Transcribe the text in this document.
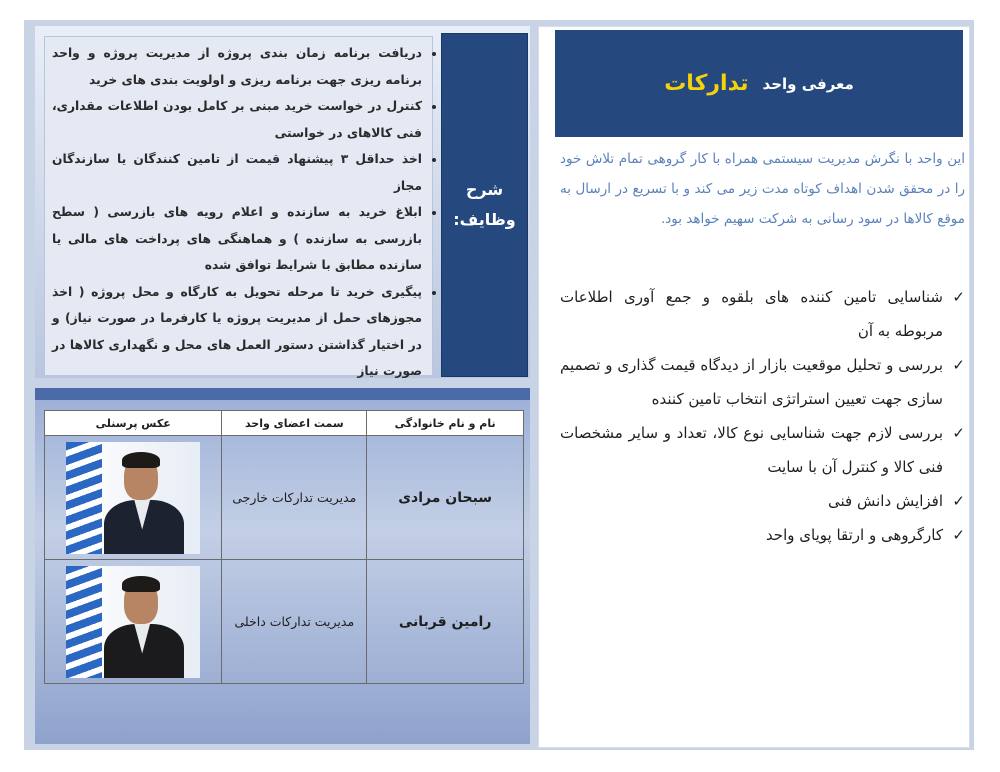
معرفی واحد
تدارکات
این واحد با نگرش مدیریت سیستمی همراه با کار گروهی تمام تلاش خود را در محقق شدن اهداف کوتاه مدت زیر می کند و با تسریع در ارسال به موقع کالاها در سود رسانی به شرکت سهیم خواهد بود.
✓
شناسایی تامین کننده های بلقوه و جمع آوری اطلاعات مربوطه به آن
✓
بررسی و تحلیل موقعیت بازار از دیدگاه قیمت گذاری و تصمیم سازی جهت تعیین استراتژی انتخاب تامین کننده
✓
بررسی لازم جهت شناسایی نوع کالا، تعداد و سایر مشخصات فنی کالا و کنترل آن با سایت
✓
افزایش دانش فنی
✓
کارگروهی و ارتقا پویای واحد
• دریافت برنامه زمان بندی پروژه از مدیریت پروژه و واحد برنامه ریزی جهت برنامه ریزی و اولویت بندی های خرید
• کنترل در خواست خرید مبنی بر کامل بودن اطلاعات مقداری، فنی کالاهای در خواستی
• اخذ حداقل ۳ پیشنهاد قیمت از تامین کنندگان یا سازندگان مجاز
• ابلاغ خرید به سازنده و اعلام رویه های بازرسی ( سطح بازرسی به سازنده ) و هماهنگی های پرداخت های مالی یا سازنده مطابق با شرایط توافق شده
• پیگیری خرید تا مرحله تحویل به کارگاه و محل پروژه ( اخذ مجوزهای حمل از مدیریت پروژه یا کارفرما در صورت نیاز) و در اختیار گذاشتن دستور العمل های محل و نگهداری کالاها در صورت نیاز
شرح
وظایف:
نام و نام خانوادگی	سمت اعضای واحد	عکس پرسنلی
سبحان مرادی	مدیریت تدارکات خارجی	

رامین قربانی	مدیریت تدارکات داخلی	
